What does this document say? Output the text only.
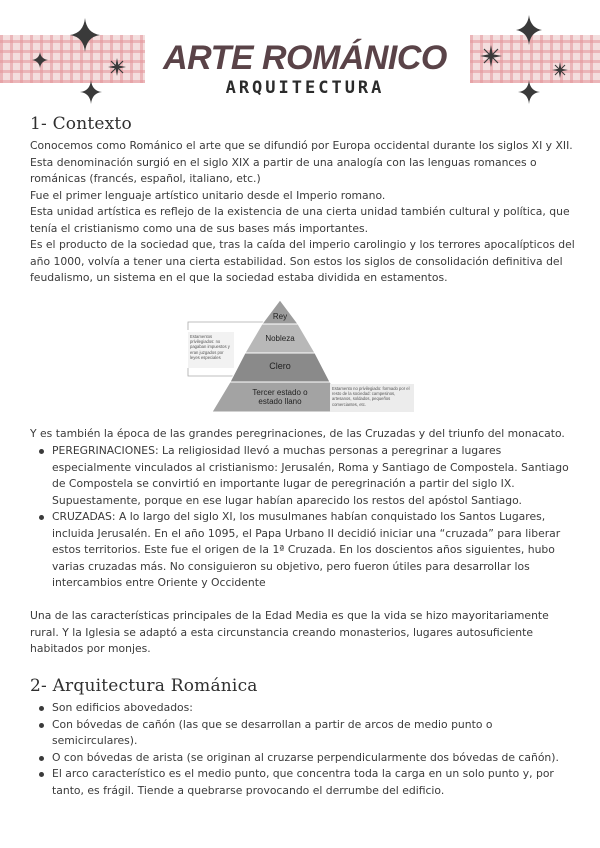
ARTE ROMÁNICO
ARQUITECTURA
1- Contexto

Conocemos como Románico el arte que se difundió por Europa occidental durante los siglos XI y XII.

Esta denominación surgió en el siglo XIX a partir de una analogía con las lenguas romances o románicas (francés, español, italiano, etc.)

Fue el primer lenguaje artístico unitario desde el Imperio romano.

Esta unidad artística es reflejo de la existencia de una cierta unidad también cultural y política, que tenía el cristianismo como una de sus bases más importantes.

Es el producto de la sociedad que, tras la caída del imperio carolingio y los terrores apocalípticos del año 1000, volvía a tener una cierta estabilidad. Son estos los siglos de consolidación definitiva del feudalismo, un sistema en el que la sociedad estaba dividida en estamentos.

Rey
Nobleza
Clero
Tercer estado o estado llano
Estamentos privilegiados: no pagaban impuestos y eran juzgados por leyes especiales
Estamento no privilegiado: formado por el resto de la sociedad: campesinos, artesanos, soldados, pequeños comerciantes, etc.
Y es también la época de las grandes peregrinaciones, de las Cruzadas y del triunfo del monacato.
PEREGRINACIONES: La religiosidad llevó a muchas personas a peregrinar a lugares especialmente vinculados al cristianismo: Jerusalén, Roma y Santiago de Compostela. Santiago de Compostela se convirtió en importante lugar de peregrinación a partir del siglo IX. Supuestamente, porque en ese lugar habían aparecido los restos del apóstol Santiago.
CRUZADAS: A lo largo del siglo XI, los musulmanes habían conquistado los Santos Lugares, incluida Jerusalén. En el año 1095, el Papa Urbano II decidió iniciar una “cruzada” para liberar estos territorios. Este fue el origen de la 1ª Cruzada. En los doscientos años siguientes, hubo varias cruzadas más. No consiguieron su objetivo, pero fueron útiles para desarrollar los intercambios entre Oriente y Occidente
Una de las características principales de la Edad Media es que la vida se hizo mayoritariamente rural. Y la Iglesia se adaptó a esta circunstancia creando monasterios, lugares autosuficiente habitados por monjes.
2- Arquitectura Románica
Son edificios abovedados:
Con bóvedas de cañón (las que se desarrollan a partir de arcos de medio punto o semicirculares).
O con bóvedas de arista (se originan al cruzarse perpendicularmente dos bóvedas de cañón).
El arco característico es el medio punto, que concentra toda la carga en un solo punto y, por tanto, es frágil. Tiende a quebrarse provocando el derrumbe del edificio.
